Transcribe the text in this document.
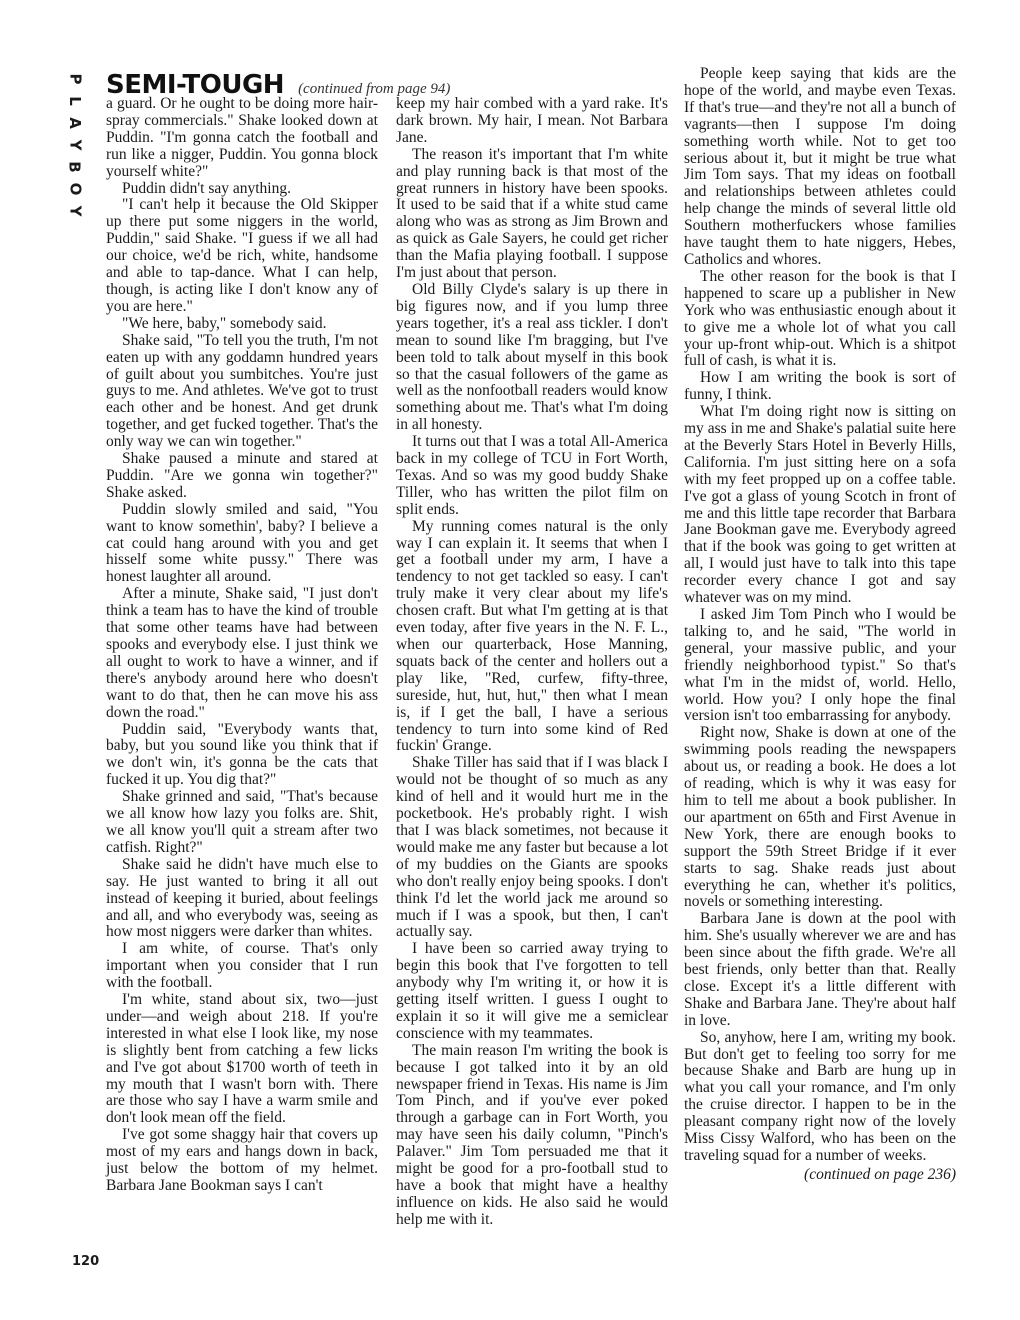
P
L
A
Y
B
O
Y
SEMI-TOUGH (continued from page 94)

a guard. Or he ought to be doing more hair-spray commercials." Shake looked down at Puddin. "I'm gonna catch the football and run like a nigger, Puddin. You gonna block yourself white?"

Puddin didn't say anything.

"I can't help it because the Old Skipper up there put some niggers in the world, Puddin," said Shake. "I guess if we all had our choice, we'd be rich, white, handsome and able to tap-dance. What I can help, though, is acting like I don't know any of you are here."

"We here, baby," somebody said.

Shake said, "To tell you the truth, I'm not eaten up with any goddamn hundred years of guilt about you sumbitches. You're just guys to me. And athletes. We've got to trust each other and be honest. And get drunk together, and get fucked together. That's the only way we can win together."

Shake paused a minute and stared at Puddin. "Are we gonna win together?" Shake asked.

Puddin slowly smiled and said, "You want to know somethin', baby? I believe a cat could hang around with you and get hisself some white pussy." There was honest laughter all around.

After a minute, Shake said, "I just don't think a team has to have the kind of trouble that some other teams have had between spooks and everybody else. I just think we all ought to work to have a winner, and if there's anybody around here who doesn't want to do that, then he can move his ass down the road."

Puddin said, "Everybody wants that, baby, but you sound like you think that if we don't win, it's gonna be the cats that fucked it up. You dig that?"

Shake grinned and said, "That's because we all know how lazy you folks are. Shit, we all know you'll quit a stream after two catfish. Right?"

Shake said he didn't have much else to say. He just wanted to bring it all out instead of keeping it buried, about feelings and all, and who everybody was, seeing as how most niggers were darker than whites.

I am white, of course. That's only important when you consider that I run with the football.

I'm white, stand about six, two—just under—and weigh about 218. If you're interested in what else I look like, my nose is slightly bent from catching a few licks and I've got about $1700 worth of teeth in my mouth that I wasn't born with. There are those who say I have a warm smile and don't look mean off the field.

I've got some shaggy hair that covers up most of my ears and hangs down in back, just below the bottom of my helmet. Barbara Jane Bookman says I can't

keep my hair combed with a yard rake. It's dark brown. My hair, I mean. Not Barbara Jane.

The reason it's important that I'm white and play running back is that most of the great runners in history have been spooks. It used to be said that if a white stud came along who was as strong as Jim Brown and as quick as Gale Sayers, he could get richer than the Mafia playing football. I suppose I'm just about that person.

Old Billy Clyde's salary is up there in big figures now, and if you lump three years together, it's a real ass tickler. I don't mean to sound like I'm bragging, but I've been told to talk about myself in this book so that the casual followers of the game as well as the nonfootball readers would know something about me. That's what I'm doing in all honesty.

It turns out that I was a total All-America back in my college of TCU in Fort Worth, Texas. And so was my good buddy Shake Tiller, who has written the pilot film on split ends.

My running comes natural is the only way I can explain it. It seems that when I get a football under my arm, I have a tendency to not get tackled so easy. I can't truly make it very clear about my life's chosen craft. But what I'm getting at is that even today, after five years in the N. F. L., when our quarterback, Hose Manning, squats back of the center and hollers out a play like, "Red, curfew, fifty-three, sureside, hut, hut, hut," then what I mean is, if I get the ball, I have a serious tendency to turn into some kind of Red fuckin' Grange.

Shake Tiller has said that if I was black I would not be thought of so much as any kind of hell and it would hurt me in the pocketbook. He's probably right. I wish that I was black sometimes, not because it would make me any faster but because a lot of my buddies on the Giants are spooks who don't really enjoy being spooks. I don't think I'd let the world jack me around so much if I was a spook, but then, I can't actually say.

I have been so carried away trying to begin this book that I've forgotten to tell anybody why I'm writing it, or how it is getting itself written. I guess I ought to explain it so it will give me a semiclear conscience with my teammates.

The main reason I'm writing the book is because I got talked into it by an old newspaper friend in Texas. His name is Jim Tom Pinch, and if you've ever poked through a garbage can in Fort Worth, you may have seen his daily column, "Pinch's Palaver." Jim Tom persuaded me that it might be good for a pro-football stud to have a book that might have a healthy influence on kids. He also said he would help me with it.

People keep saying that kids are the hope of the world, and maybe even Texas. If that's true—and they're not all a bunch of vagrants—then I suppose I'm doing something worth while. Not to get too serious about it, but it might be true what Jim Tom says. That my ideas on football and relationships between athletes could help change the minds of several little old Southern motherfuckers whose families have taught them to hate niggers, Hebes, Catholics and whores.

The other reason for the book is that I happened to scare up a publisher in New York who was enthusiastic enough about it to give me a whole lot of what you call your up-front whip-out. Which is a shitpot full of cash, is what it is.

How I am writing the book is sort of funny, I think.

What I'm doing right now is sitting on my ass in me and Shake's palatial suite here at the Beverly Stars Hotel in Beverly Hills, California. I'm just sitting here on a sofa with my feet propped up on a coffee table. I've got a glass of young Scotch in front of me and this little tape recorder that Barbara Jane Bookman gave me. Everybody agreed that if the book was going to get written at all, I would just have to talk into this tape recorder every chance I got and say whatever was on my mind.

I asked Jim Tom Pinch who I would be talking to, and he said, "The world in general, your massive public, and your friendly neighborhood typist." So that's what I'm in the midst of, world. Hello, world. How you? I only hope the final version isn't too embarrassing for anybody.

Right now, Shake is down at one of the swimming pools reading the newspapers about us, or reading a book. He does a lot of reading, which is why it was easy for him to tell me about a book publisher. In our apartment on 65th and First Avenue in New York, there are enough books to support the 59th Street Bridge if it ever starts to sag. Shake reads just about everything he can, whether it's politics, novels or something interesting.

Barbara Jane is down at the pool with him. She's usually wherever we are and has been since about the fifth grade. We're all best friends, only better than that. Really close. Except it's a little different with Shake and Barbara Jane. They're about half in love.

So, anyhow, here I am, writing my book. But don't get to feeling too sorry for me because Shake and Barb are hung up in what you call your romance, and I'm only the cruise director. I happen to be in the pleasant company right now of the lovely Miss Cissy Walford, who has been on the traveling squad for a number of weeks.

(continued on page 236)
120
